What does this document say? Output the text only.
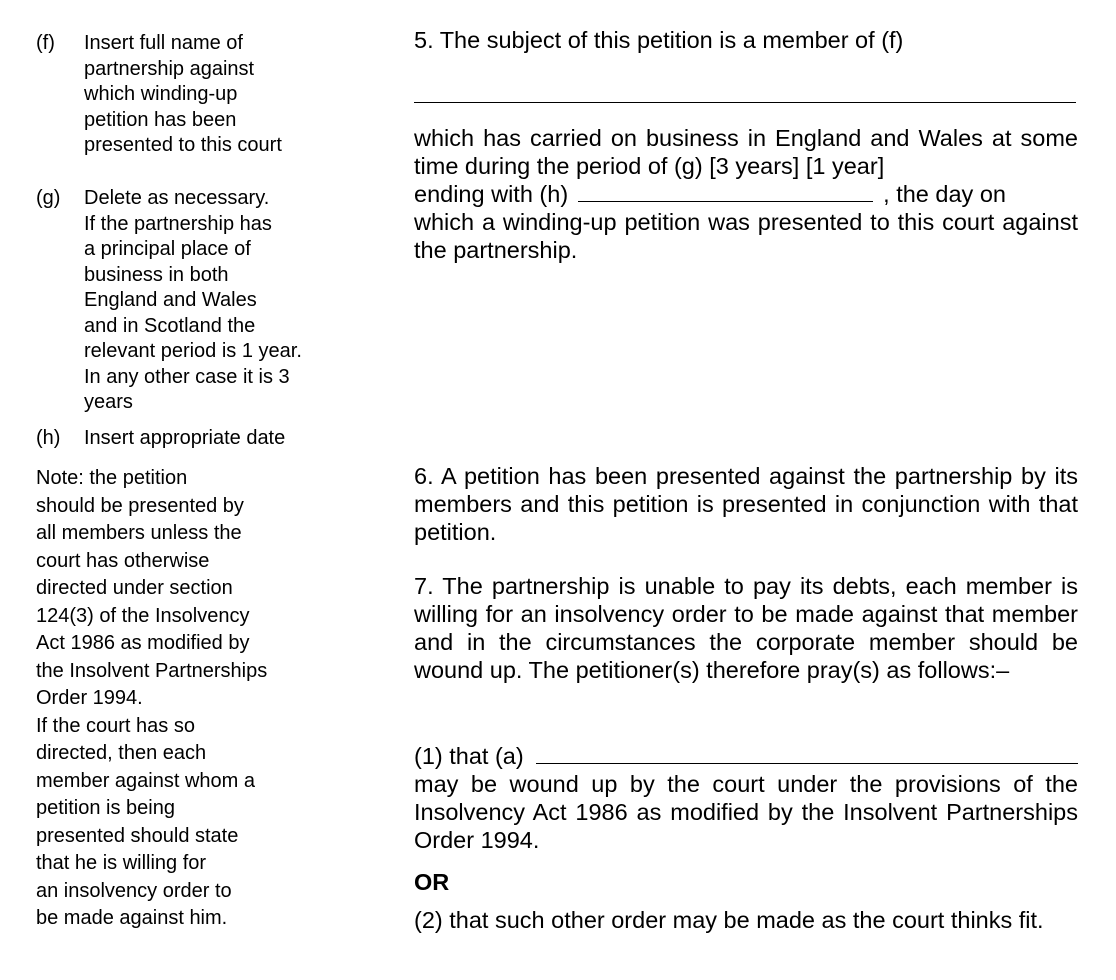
(f)	Insert full name of
partnership against
which winding-up
petition has been
presented to this court
(g)	Delete as necessary.
If the partnership has
a principal place of
business in both
England and Wales
and in Scotland the
relevant period is 1 year.
In any other case it is 3
years
(h)	Insert appropriate date
Note: the petition
should be presented by
all members unless the
court has otherwise
directed under section
124(3) of the Insolvency
Act 1986 as modified by
the Insolvent Partnerships
Order 1994.
If the court has so
directed, then each
member against whom a
petition is being
presented should state
that he is willing for
an insolvency order to
be made against him.

5. The subject of this petition is a member of (f)

which has carried on business in England and Wales at some time during the period of (g) [3 years] [1 year]

ending with (h)	, the day on

which a winding-up petition was presented to this court against the partnership.

6. A petition has been presented against the partnership by its members and this petition is presented in conjunction with that petition.

7. The partnership is unable to pay its debts, each member is willing for an insolvency order to be made against that member and in the circumstances the corporate member should be wound up. The petitioner(s) therefore pray(s) as follows:–

(1) that (a)

may be wound up by the court under the provisions of the Insolvency Act 1986 as modified by the Insolvent Partnerships Order 1994.

OR

(2) that such other order may be made as the court thinks fit.
